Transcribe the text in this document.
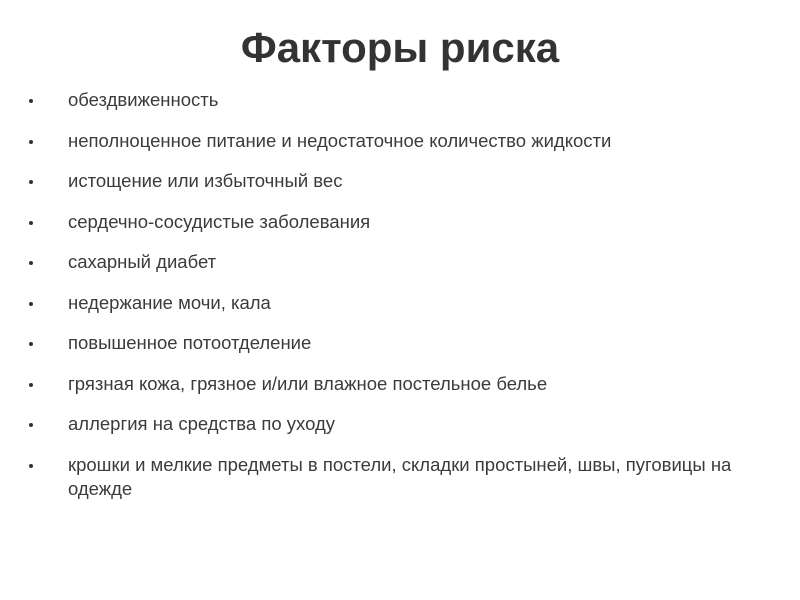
Факторы риска
обездвиженность
неполноценное питание и недостаточное количество жидкости
истощение или избыточный вес
сердечно-сосудистые заболевания
сахарный диабет
недержание мочи, кала
повышенное потоотделение
грязная кожа, грязное и/или влажное постельное белье
аллергия на средства по уходу
крошки и мелкие предметы в постели, складки простыней, швы, пуговицы на одежде
